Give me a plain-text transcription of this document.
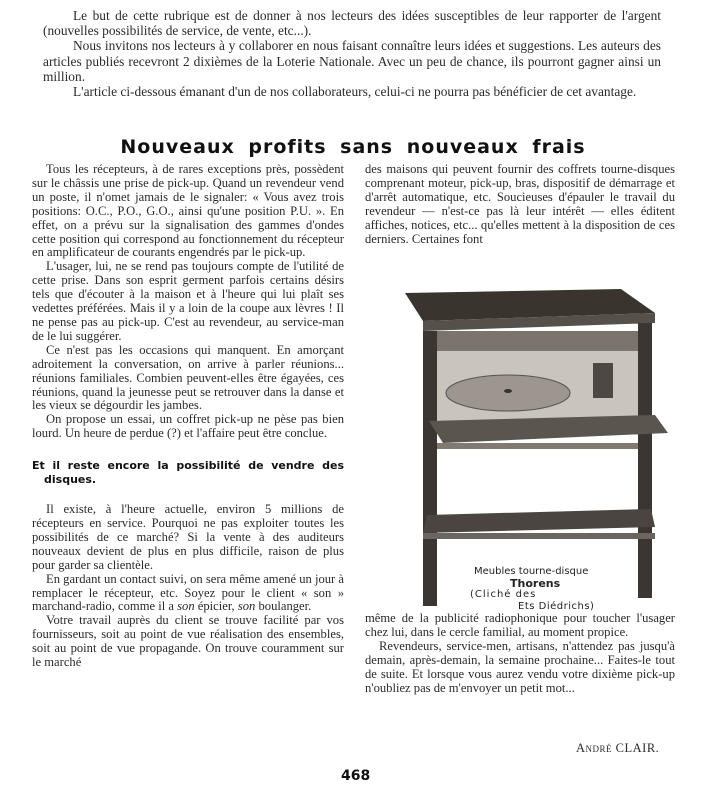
Le but de cette rubrique est de donner à nos lecteurs des idées susceptibles de leur rapporter de l'argent (nouvelles possibilités de service, de vente, etc...).

Nous invitons nos lecteurs à y collaborer en nous faisant connaître leurs idées et suggestions. Les auteurs des articles publiés recevront 2 dixièmes de la Loterie Nationale. Avec un peu de chance, ils pourront gagner ainsi un million.

L'article ci-dessous émanant d'un de nos collaborateurs, celui-ci ne pourra pas bénéficier de cet avantage.

Nouveaux profits sans nouveaux frais

Tous les récepteurs, à de rares exceptions près, possèdent sur le châssis une prise de pick-up. Quand un revendeur vend un poste, il n'omet jamais de le signaler: « Vous avez trois positions: O.C., P.O., G.O., ainsi qu'une position P.U. ». En effet, on a prévu sur la signalisation des gammes d'ondes cette position qui correspond au fonctionnement du récepteur en amplificateur de courants engendrés par le pick-up.

L'usager, lui, ne se rend pas toujours compte de l'utilité de cette prise. Dans son esprit germent parfois certains désirs tels que d'écouter à la maison et à l'heure qui lui plaît ses vedettes préférées. Mais il y a loin de la coupe aux lèvres ! Il ne pense pas au pick-up. C'est au revendeur, au service-man de le lui suggérer.

Ce n'est pas les occasions qui manquent. En amorçant adroitement la conversation, on arrive à parler réunions... réunions familiales. Combien peuvent-elles être égayées, ces réunions, quand la jeunesse peut se retrouver dans la danse et les vieux se dégourdir les jambes.

On propose un essai, un coffret pick-up ne pèse pas bien lourd. Un heure de perdue (?) et l'affaire peut être conclue.

Et il reste encore la possibilité de vendre des disques.

Il existe, à l'heure actuelle, environ 5 millions de récepteurs en service. Pourquoi ne pas exploiter toutes les possibilités de ce marché? Si la vente à des auditeurs nouveaux devient de plus en plus difficile, raison de plus pour garder sa clientèle.

En gardant un contact suivi, on sera même amené un jour à remplacer le récepteur, etc. Soyez pour le client « son » marchand-radio, comme il a son épicier, son boulanger.

Votre travail auprès du client se trouve facilité par vos fournisseurs, soit au point de vue réalisation des ensembles, soit au point de vue propagande. On trouve couramment sur le marché

des maisons qui peuvent fournir des coffrets tourne-disques comprenant moteur, pick-up, bras, dispositif de démarrage et d'arrêt automatique, etc. Soucieuses d'épauler le travail du revendeur — n'est-ce pas là leur intérêt — elles éditent affiches, notices, etc... qu'elles mettent à la disposition de ces derniers. Certaines font

Meubles tourne-disque
Thorens
(Cliché des
Ets Diédrichs)

même de la publicité radiophonique pour toucher l'usager chez lui, dans le cercle familial, au moment propice.

Revendeurs, service-men, artisans, n'attendez pas jusqu'à demain, après-demain, la semaine prochaine... Faites-le tout de suite. Et lorsque vous aurez vendu votre dixième pick-up n'oubliez pas de m'envoyer un petit mot...

André CLAIR.
468
